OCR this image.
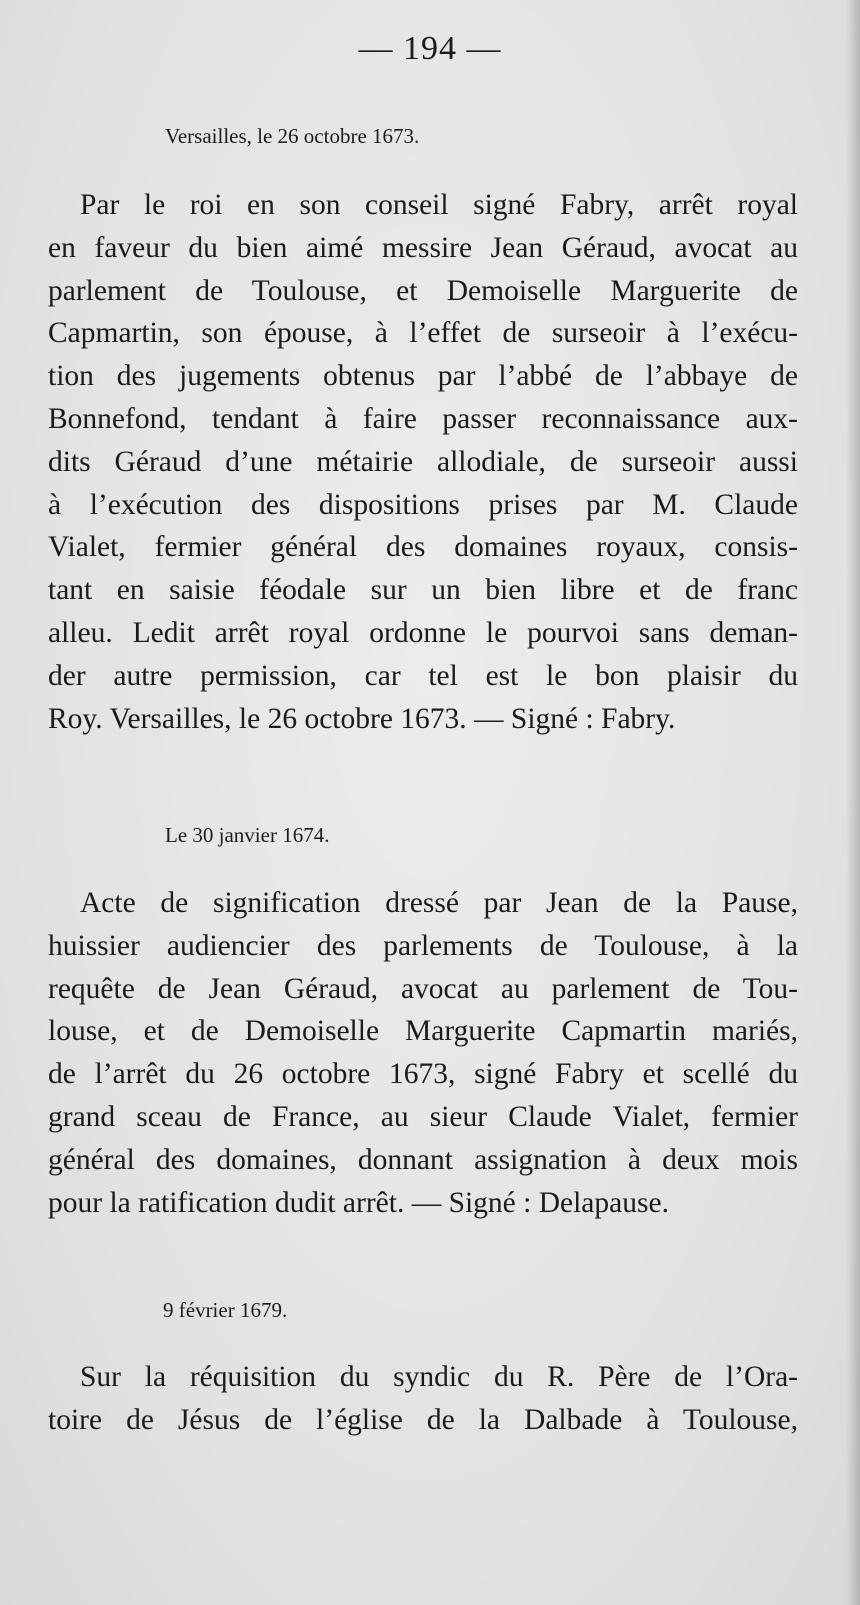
— 194 —
Versailles, le 26 octobre 1673.
Par le roi en son conseil signé Fabry, arrêt royal
en faveur du bien aimé messire Jean Géraud, avocat au
parlement de Toulouse, et Demoiselle Marguerite de
Capmartin, son épouse, à l’effet de surseoir à l’exécu-
tion des jugements obtenus par l’abbé de l’abbaye de
Bonnefond, tendant à faire passer reconnaissance aux-
dits Géraud d’une métairie allodiale, de surseoir aussi
à l’exécution des dispositions prises par M. Claude
Vialet, fermier général des domaines royaux, consis-
tant en saisie féodale sur un bien libre et de franc
alleu. Ledit arrêt royal ordonne le pourvoi sans deman-
der autre permission, car tel est le bon plaisir du
Roy. Versailles, le 26 octobre 1673. — Signé : Fabry.
Le 30 janvier 1674.
Acte de signification dressé par Jean de la Pause,
huissier audiencier des parlements de Toulouse, à la
requête de Jean Géraud, avocat au parlement de Tou-
louse, et de Demoiselle Marguerite Capmartin mariés,
de l’arrêt du 26 octobre 1673, signé Fabry et scellé du
grand sceau de France, au sieur Claude Vialet, fermier
général des domaines, donnant assignation à deux mois
pour la ratification dudit arrêt. — Signé : Delapause.
9 février 1679.
Sur la réquisition du syndic du R. Père de l’Ora-
toire de Jésus de l’église de la Dalbade à Toulouse,
